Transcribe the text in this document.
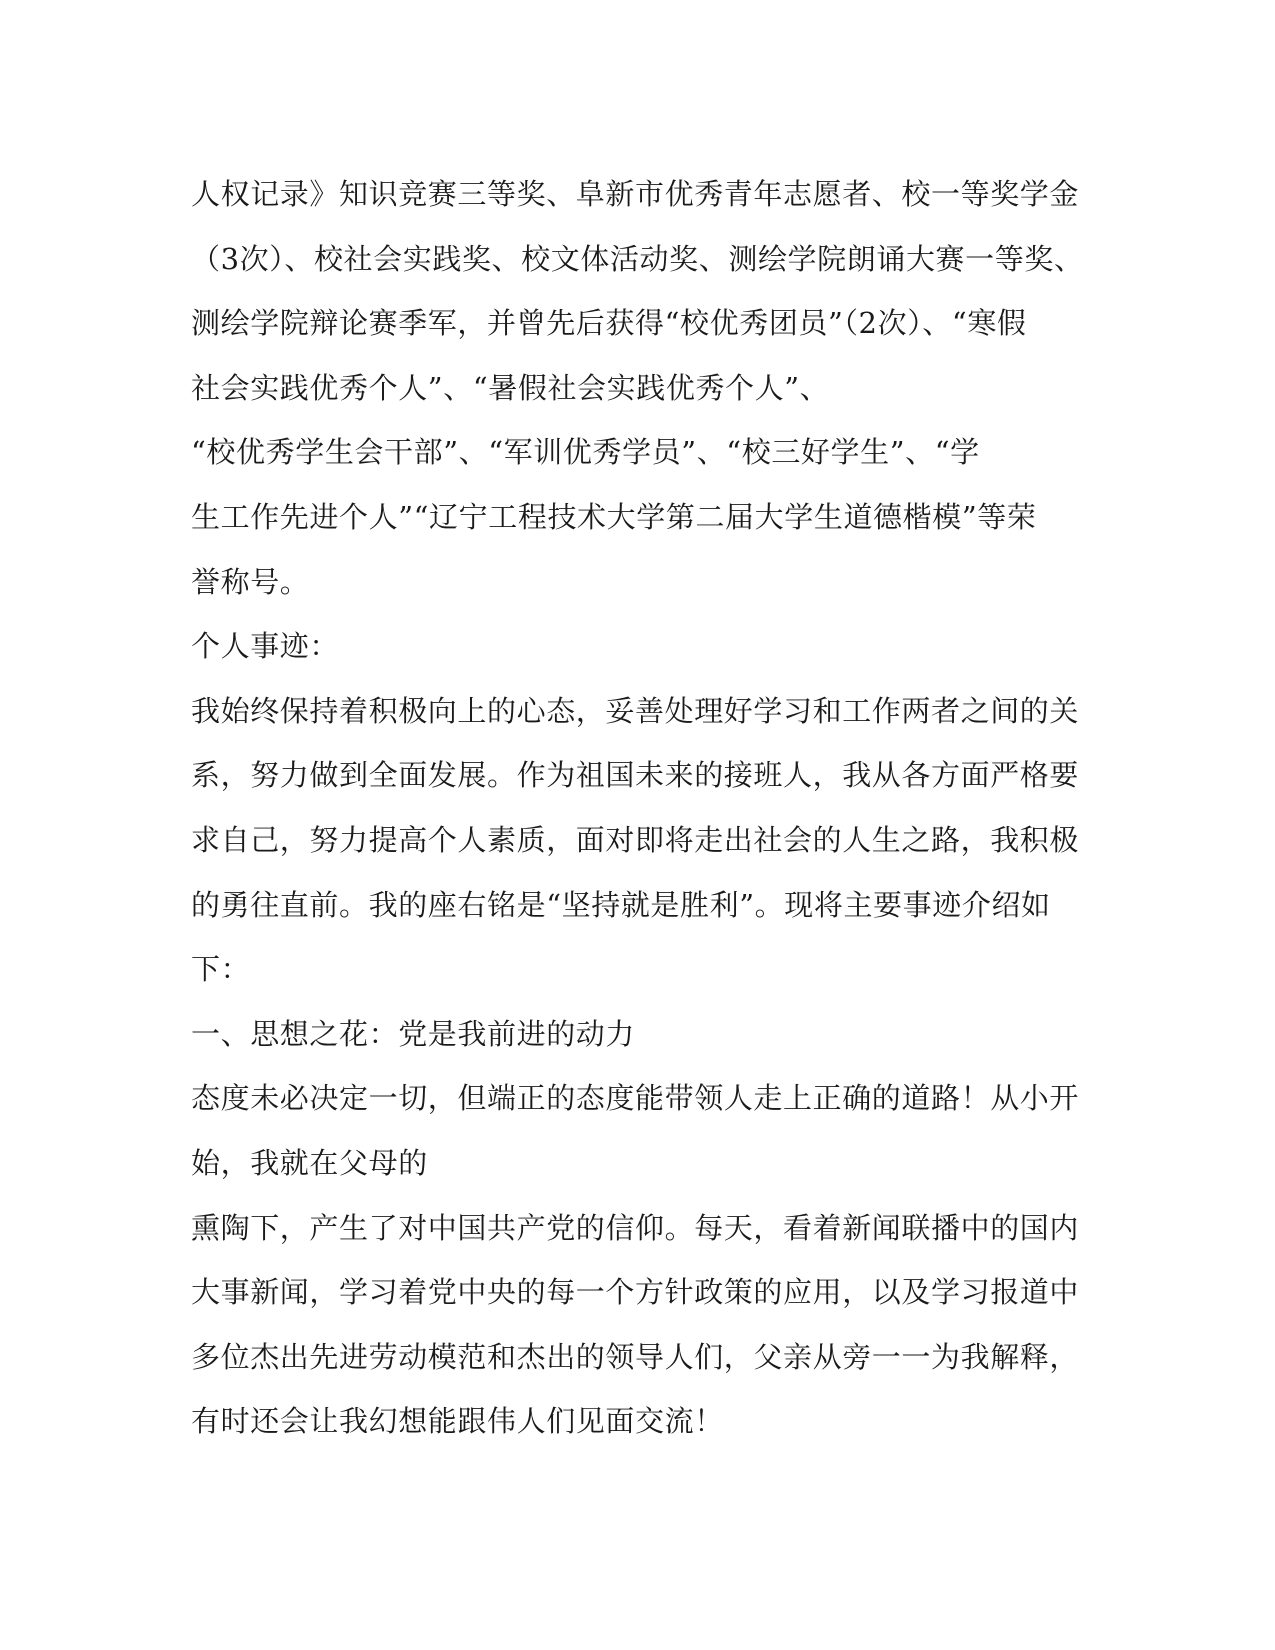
人权记录》知识竞赛三等奖、阜新市优秀青年志愿者、校一等奖学金
（3次）、校社会实践奖、校文体活动奖、测绘学院朗诵大赛一等奖、
测绘学院辩论赛季军，并曾先后获得“校优秀团员”（2次）、“寒假
社会实践优秀个人”、“暑假社会实践优秀个人”、
“校优秀学生会干部”、“军训优秀学员”、“校三好学生”、“学
生工作先进个人”“辽宁工程技术大学第二届大学生道德楷模”等荣
誉称号。
个人事迹：
我始终保持着积极向上的心态，妥善处理好学习和工作两者之间的关
系，努力做到全面发展。作为祖国未来的接班人，我从各方面严格要
求自己，努力提高个人素质，面对即将走出社会的人生之路，我积极
的勇往直前。我的座右铭是“坚持就是胜利”。现将主要事迹介绍如
下：
一、思想之花：党是我前进的动力
态度未必决定一切，但端正的态度能带领人走上正确的道路！从小开
始，我就在父母的
熏陶下，产生了对中国共产党的信仰。每天，看着新闻联播中的国内
大事新闻，学习着党中央的每一个方针政策的应用，以及学习报道中
多位杰出先进劳动模范和杰出的领导人们，父亲从旁一一为我解释，
有时还会让我幻想能跟伟人们见面交流！
